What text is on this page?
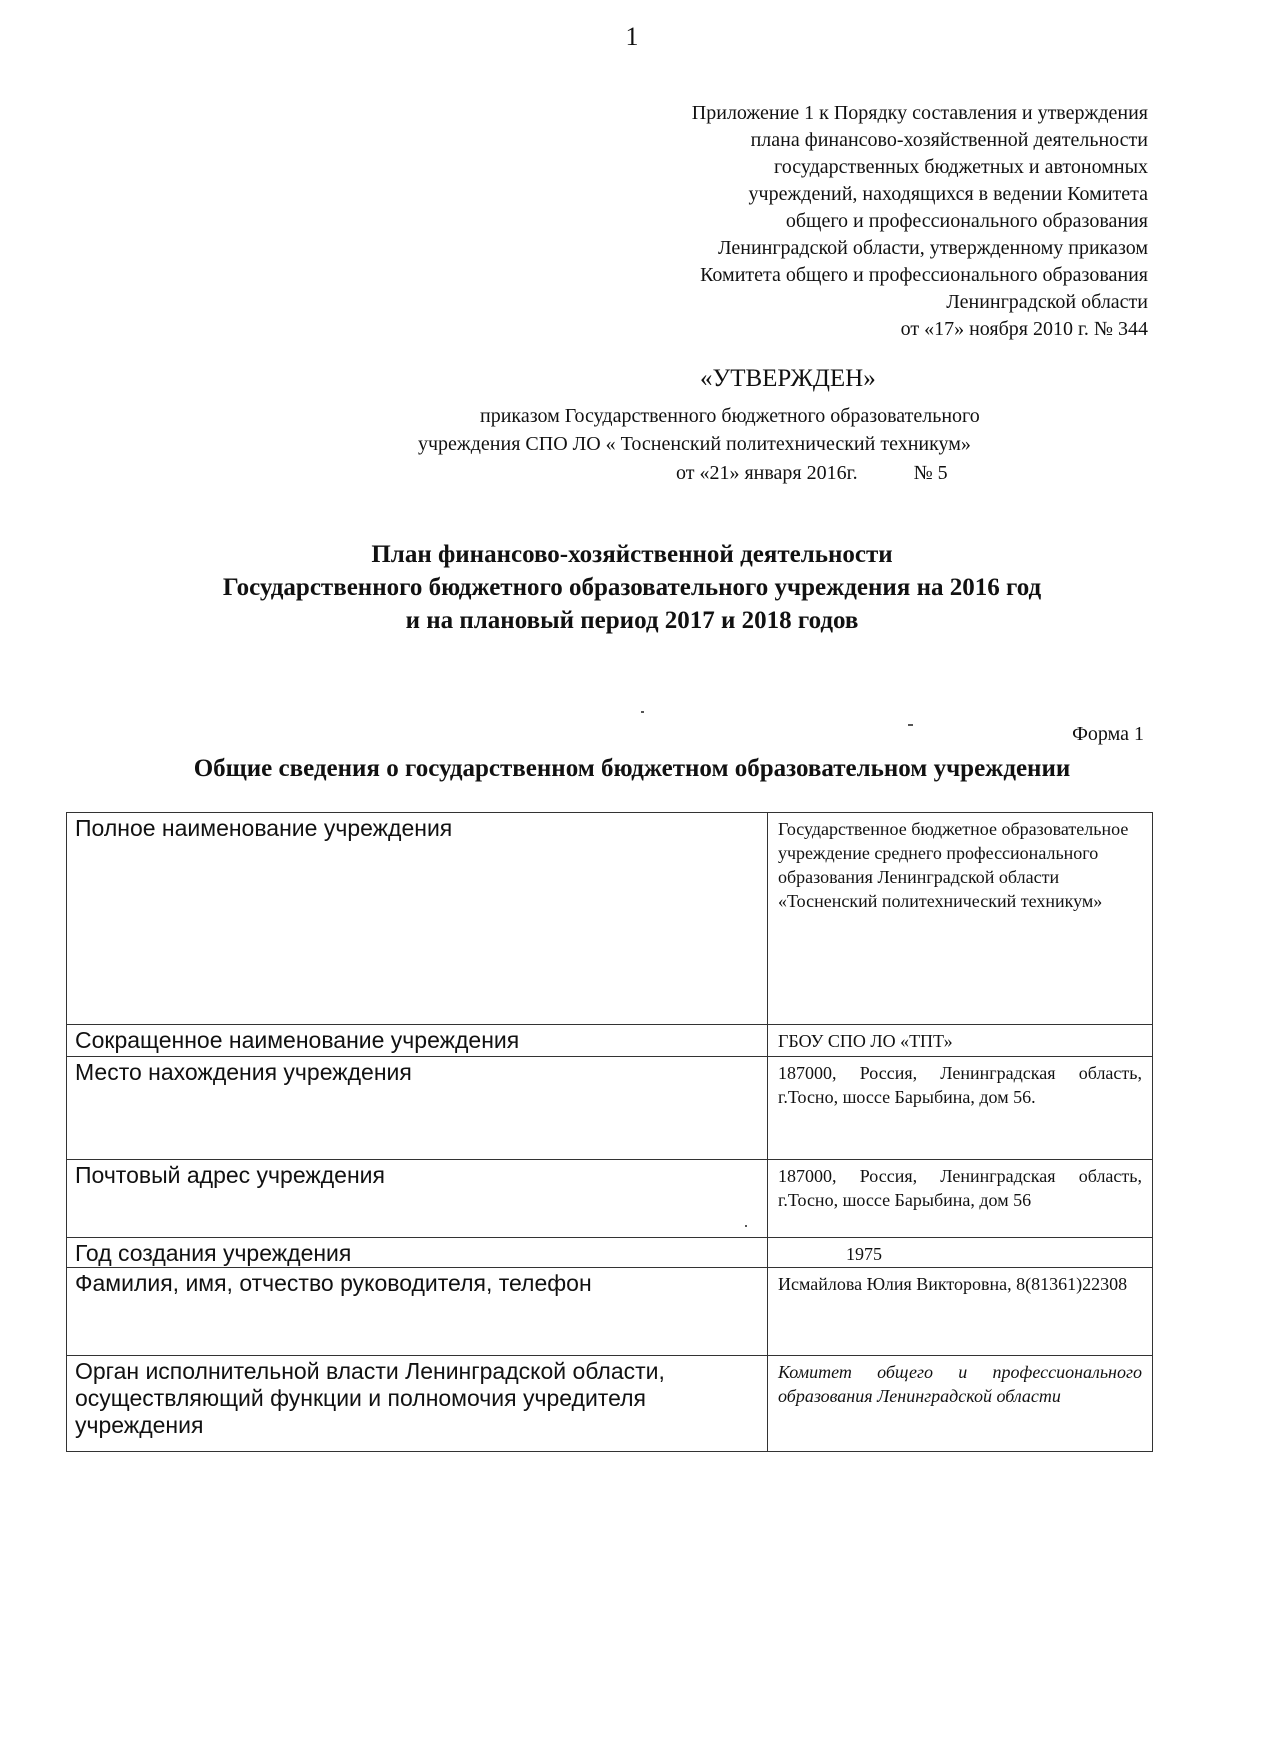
1
Приложение 1 к Порядку составления и утверждения
плана финансово-хозяйственной деятельности
государственных бюджетных и автономных
учреждений, находящихся в ведении Комитета
общего и профессионального образования
Ленинградской области, утвержденному приказом
Комитета общего и профессионального образования
Ленинградской области
от «17» ноября 2010 г. № 344
«УТВЕРЖДЕН»
приказом Государственного бюджетного образовательного
учреждения СПО ЛО « Тосненский политехнический техникум»
от «21» января 2016г.	№ 5
План финансово-хозяйственной деятельности
Государственного бюджетного образовательного учреждения на 2016 год
и на плановый период 2017 и 2018 годов
Форма 1
Общие сведения о государственном бюджетном образовательном учреждении
Полное наименование учреждения	Государственное бюджетное образовательное учреждение среднего профессионального образования Ленинградской области «Тосненский политехнический техникум»
Сокращенное наименование учреждения	ГБОУ СПО ЛО «ТПТ»
Место нахождения учреждения	187000, Россия, Ленинградская область, г.Тосно, шоссе Барыбина, дом 56.
Почтовый адрес учреждения	187000, Россия, Ленинградская область, г.Тосно, шоссе Барыбина, дом 56
Год создания учреждения	1975
Фамилия, имя, отчество руководителя, телефон	Исмайлова Юлия Викторовна, 8(81361)22308
Орган исполнительной власти Ленинградской области, осуществляющий функции и полномочия учредителя учреждения	Комитет общего и профессионального образования Ленинградской области
